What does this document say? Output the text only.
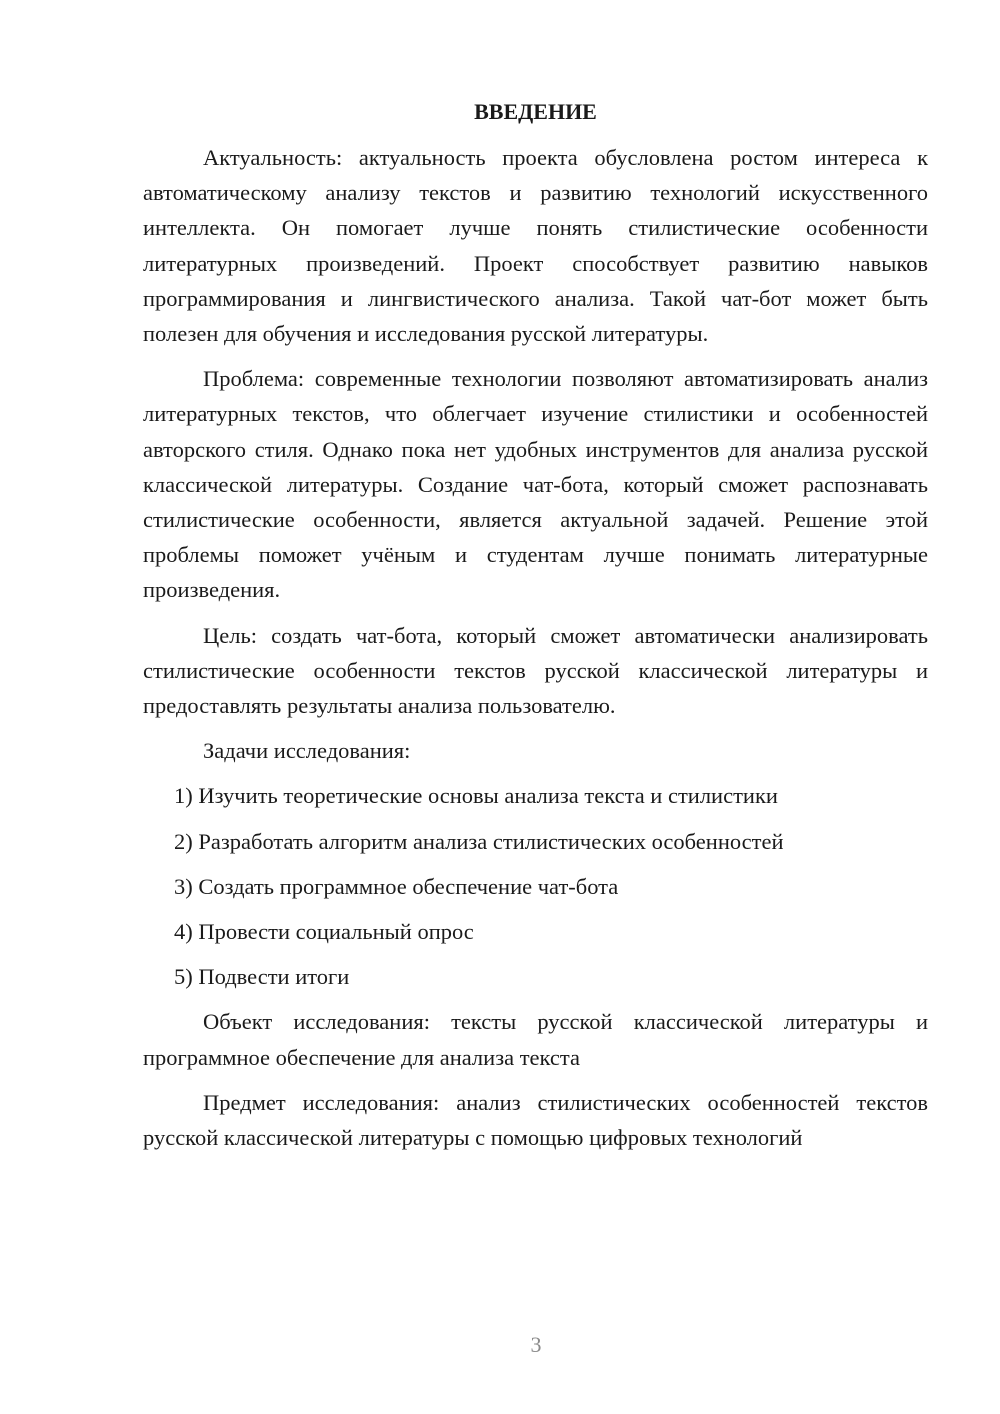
ВВЕДЕНИЕ

Актуальность: актуальность проекта обусловлена ростом интереса к автоматическому анализу текстов и развитию технологий искусственного интеллекта. Он помогает лучше понять стилистические особенности литературных произведений. Проект способствует развитию навыков программирования и лингвистического анализа. Такой чат-бот может быть полезен для обучения и исследования русской литературы.

Проблема: современные технологии позволяют автоматизировать анализ литературных текстов, что облегчает изучение стилистики и особенностей авторского стиля. Однако пока нет удобных инструментов для анализа русской классической литературы. Создание чат-бота, который сможет распознавать стилистические особенности, является актуальной задачей. Решение этой проблемы поможет учёным и студентам лучше понимать литературные произведения.

Цель: создать чат-бота, который сможет автоматически анализировать стилистические особенности текстов русской классической литературы и предоставлять результаты анализа пользователю.

Задачи исследования:

1) Изучить теоретические основы анализа текста и стилистики
2) Разработать алгоритм анализа стилистических особенностей
3) Создать программное обеспечение чат-бота
4) Провести социальный опрос
5) Подвести итоги

Объект исследования: тексты русской классической литературы и программное обеспечение для анализа текста

Предмет исследования: анализ стилистических особенностей текстов русской классической литературы с помощью цифровых технологий

3
